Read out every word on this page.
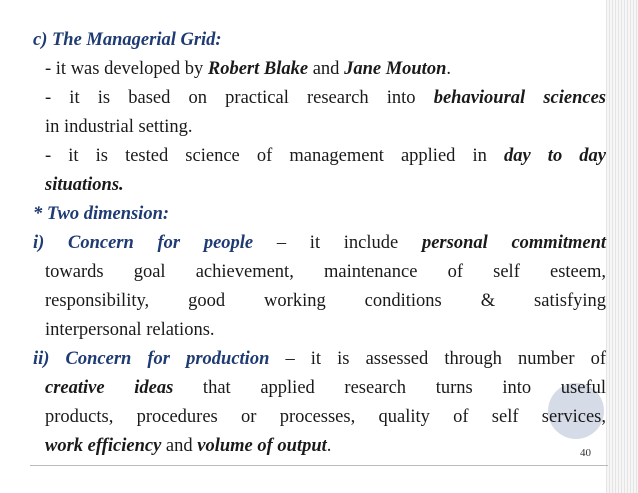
c) The Managerial Grid:
- it was developed by Robert Blake and Jane Mouton.
- it is based on practical research into behavioural sciences
in industrial setting.
- it is tested science of management applied in day to day
situations.
* Two dimension:
i) Concern for people – it include personal commitment
towards goal achievement, maintenance of self esteem,
responsibility, good working conditions & satisfying
interpersonal relations.
ii) Concern for production – it is assessed through number of
creative ideas that applied research turns into useful
products, procedures or processes, quality of self services,
work efficiency and volume of output.	40
